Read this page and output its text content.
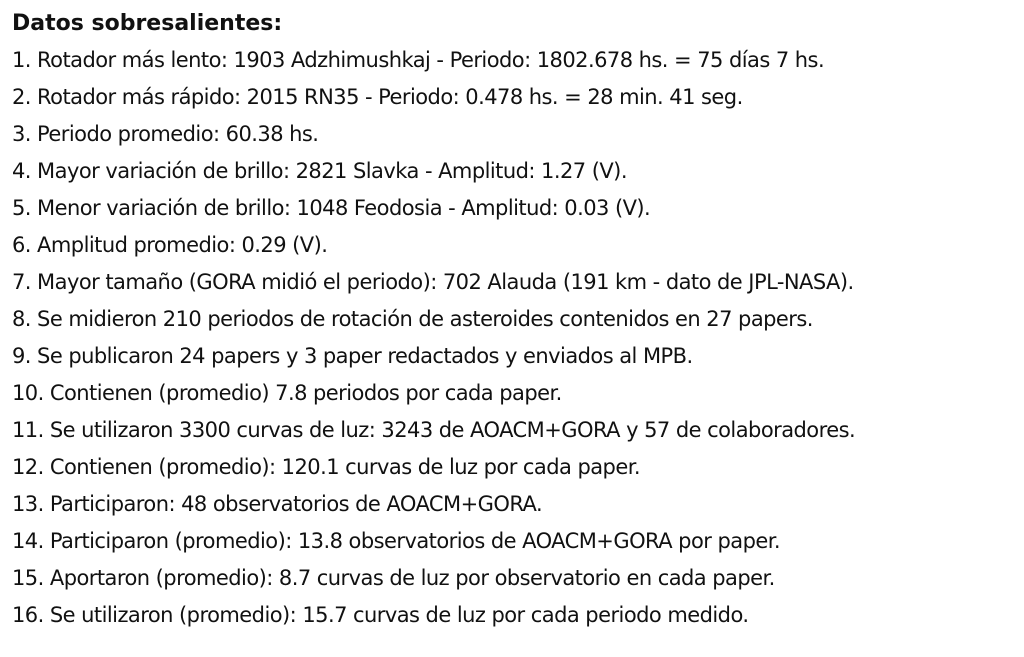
Datos sobresalientes:
1. Rotador más lento: 1903 Adzhimushkaj - Periodo: 1802.678 hs. = 75 días 7 hs.
2. Rotador más rápido: 2015 RN35 - Periodo: 0.478 hs. = 28 min. 41 seg.
3. Periodo promedio: 60.38 hs.
4. Mayor variación de brillo: 2821 Slavka - Amplitud: 1.27 (V).
5. Menor variación de brillo: 1048 Feodosia - Amplitud: 0.03 (V).
6. Amplitud promedio: 0.29 (V).
7. Mayor tamaño (GORA midió el periodo): 702 Alauda (191 km - dato de JPL-NASA).
8. Se midieron 210 periodos de rotación de asteroides contenidos en 27 papers.
9. Se publicaron 24 papers y 3 paper redactados y enviados al MPB.
10. Contienen (promedio) 7.8 periodos por cada paper.
11. Se utilizaron 3300 curvas de luz: 3243 de AOACM+GORA y 57 de colaboradores.
12. Contienen (promedio): 120.1 curvas de luz por cada paper.
13. Participaron: 48 observatorios de AOACM+GORA.
14. Participaron (promedio): 13.8 observatorios de AOACM+GORA por paper.
15. Aportaron (promedio): 8.7 curvas de luz por observatorio en cada paper.
16. Se utilizaron (promedio): 15.7 curvas de luz por cada periodo medido.
